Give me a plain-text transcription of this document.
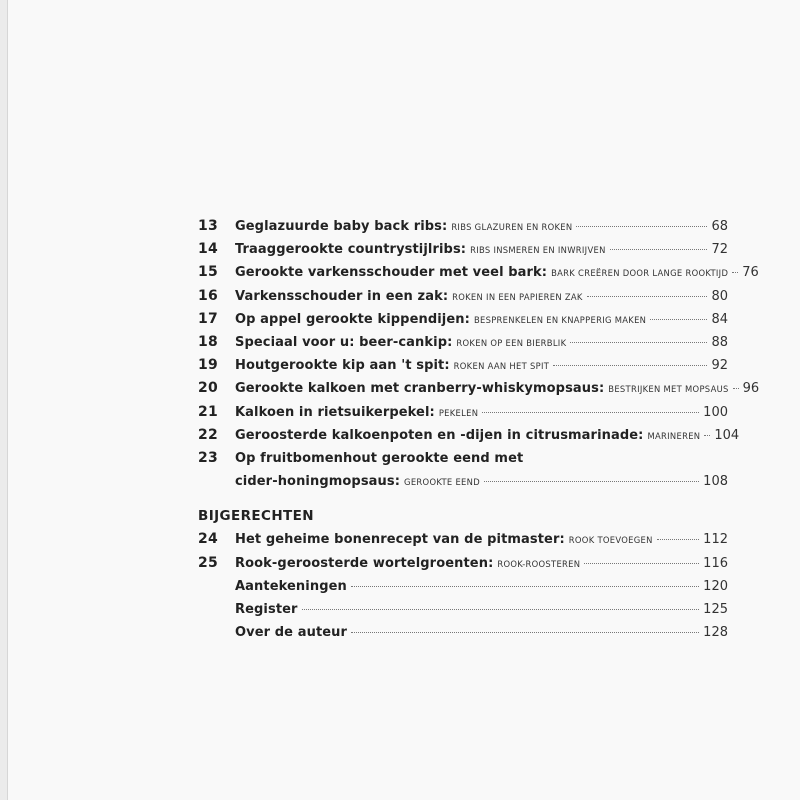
13	Geglazuurde baby back ribs: RIBS GLAZUREN EN ROKEN	68
14	Traaggerookte countrystijlribs: RIBS INSMEREN EN INWRIJVEN	72
15	Gerookte varkensschouder met veel bark: BARK CREËREN DOOR LANGE ROOKTIJD 76
16	Varkensschouder in een zak: ROKEN IN EEN PAPIEREN ZAK	80
17	Op appel gerookte kippendijen: BESPRENKELEN EN KNAPPERIG MAKEN	84
18	Speciaal voor u: beer-cankip: ROKEN OP EEN BIERBLIK	88
19	Houtgerookte kip aan 't spit: ROKEN AAN HET SPIT	92
20	Gerookte kalkoen met cranberry-whiskymopsaus: BESTRIJKEN MET MOPSAUS 96
21	Kalkoen in rietsuikerpekel: PEKELEN	100
22	Geroosterde kalkoenpoten en -dijen in citrusmarinade: MARINEREN 104
23	Op fruitbomenhout gerookte eend met
cider-honingmopsaus: GEROOKTE EEND	108
BIJGERECHTEN
24	Het geheime bonenrecept van de pitmaster: ROOK TOEVOEGEN	112
25	Rook-geroosterde wortelgroenten: ROOK-ROOSTEREN	116
Aantekeningen	120
Register	125
Over de auteur	128
